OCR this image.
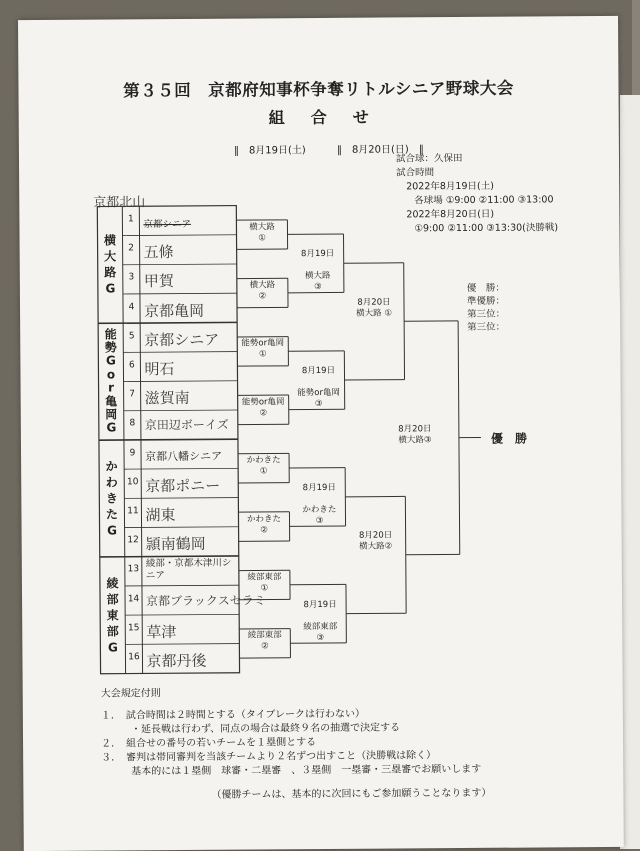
第３５回　京都府知事杯争奪リトルシニア野球大会
組合せ
‖　8月19日(土)	‖　8月20日(日)　‖
試合球：久保田
試合時間
2022年8月19日(土)
各球場 ①9:00 ②11:00 ③13:00
2022年8月20日(日)
①9:00 ②11:00 ③13:30(決勝戦)
優　勝：
準優勝：
第三位：
第三位：
横
大
路
G
能
勢
G
o
r
亀
岡
G
か
わ
き
た
G
綾
部
東
部
G
1	京都シニア
2 五條
3 甲賀
4 京都亀岡
5 京都シニア
6 明石
7 滋賀南
8 京田辺ボーイズ
9 京都八幡シニア
10 京都ポニー
11 湖東
12 頴南鶴岡
13
綾部・京都木津川シニア
14 京都ブラックスセラミ
15 草津
16 京都丹後
横大路
①
横大路
②
能勢or亀岡
①
能勢or亀岡
②
かわきた
①
かわきた
②
綾部東部
①
綾部東部
②
8月19日
横大路
③
8月19日
能勢or亀岡
③
8月19日
かわきた
③
8月19日
綾部東部
③
8月20日
横大路 ①
8月20日
横大路②
8月20日
横大路③	優　勝
京都北山
大会規定付則
１．　試合時間は２時間とする（タイブレークは行わない）
　　　・延長戦は行わず、同点の場合は最終９名の抽選で決定する
２．　組合せの番号の若いチームを１塁側とする
３．　審判は帯同審判を当該チームより２名ずつ出すこと（決勝戦は除く）
　　　基本的には１塁側　球審・二塁審　、３塁側　一塁審・三塁審でお願いします
（優勝チームは、基本的に次回にもご参加願うことなります）
